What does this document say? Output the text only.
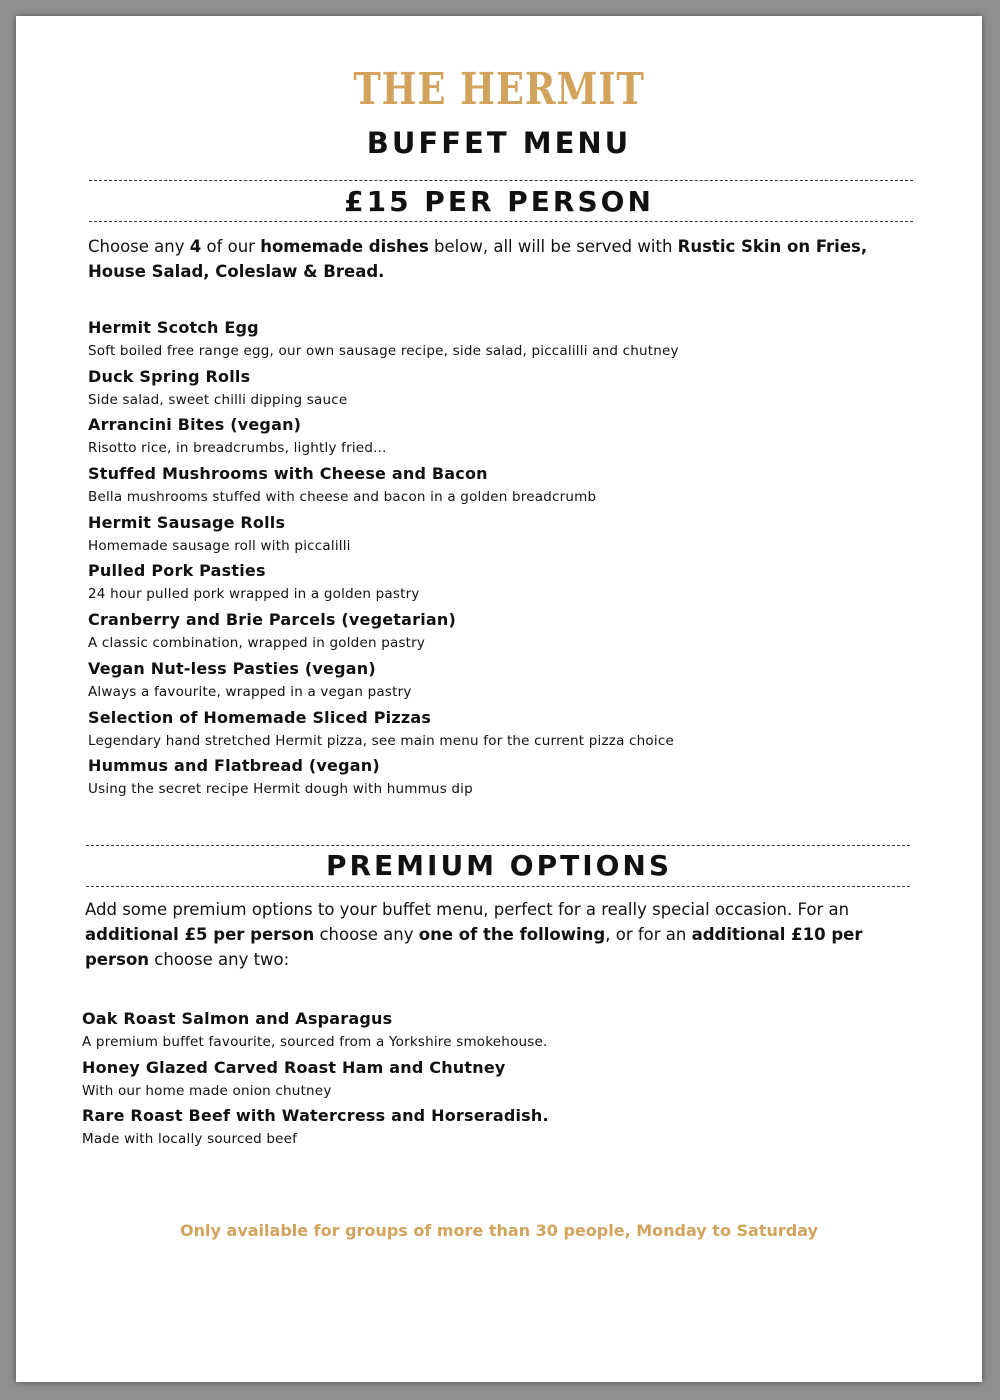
THE HERMIT
BUFFET MENU
£15 PER PERSON
Choose any 4 of our homemade dishes below, all will be served with Rustic Skin on Fries, House Salad, Coleslaw & Bread.
Hermit Scotch Egg
Soft boiled free range egg, our own sausage recipe, side salad, piccalilli and chutney
Duck Spring Rolls
Side salad, sweet chilli dipping sauce
Arrancini Bites (vegan)
Risotto rice, in breadcrumbs, lightly fried...
Stuffed Mushrooms with Cheese and Bacon
Bella mushrooms stuffed with cheese and bacon in a golden breadcrumb
Hermit Sausage Rolls
Homemade sausage roll with piccalilli
Pulled Pork Pasties
24 hour pulled pork wrapped in a golden pastry
Cranberry and Brie Parcels (vegetarian)
A classic combination, wrapped in golden pastry
Vegan Nut-less Pasties (vegan)
Always a favourite, wrapped in a vegan pastry
Selection of Homemade Sliced Pizzas
Legendary hand stretched Hermit pizza, see main menu for the current pizza choice
Hummus and Flatbread (vegan)
Using the secret recipe Hermit dough with hummus dip
PREMIUM OPTIONS
Add some premium options to your buffet menu, perfect for a really special occasion. For an additional £5 per person choose any one of the following, or for an additional £10 per person choose any two:
Oak Roast Salmon and Asparagus
A premium buffet favourite, sourced from a Yorkshire smokehouse.
Honey Glazed Carved Roast Ham and Chutney
With our home made onion chutney
Rare Roast Beef with Watercress and Horseradish.
Made with locally sourced beef
Only available for groups of more than 30 people, Monday to Saturday
